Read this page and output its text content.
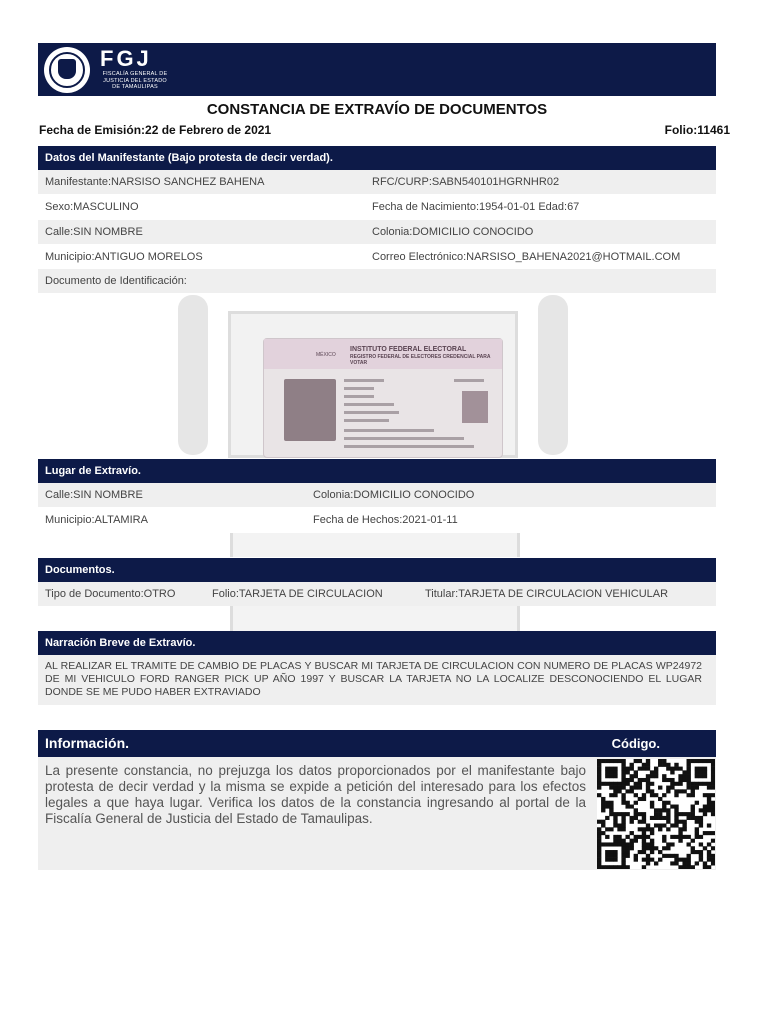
FGJ
FISCALÍA GENERAL DE JUSTICIA DEL ESTADO DE TAMAULIPAS
CONSTANCIA DE EXTRAVÍO DE DOCUMENTOS
Fecha de Emisión:22 de Febrero de 2021	Folio:11461
Datos del Manifestante (Bajo protesta de decir verdad).
Manifestante:NARSISO SANCHEZ BAHENA	RFC/CURP:SABN540101HGRNHR02
Sexo:MASCULINO	Fecha de Nacimiento:1954-01-01 Edad:67
Calle:SIN NOMBRE	Colonia:DOMICILIO CONOCIDO
Municipio:ANTIGUO MORELOS	Correo Electrónico:NARSISO_BAHENA2021@HOTMAIL.COM
Documento de Identificación:
INSTITUTO FEDERAL ELECTORAL
MÉXICO	REGISTRO FEDERAL DE ELECTORES CREDENCIAL PARA VOTAR
Lugar de Extravío.
Calle:SIN NOMBRE	Colonia:DOMICILIO CONOCIDO
Municipio:ALTAMIRA	Fecha de Hechos:2021-01-11
Documentos.
Tipo de Documento:OTRO	Folio:TARJETA DE CIRCULACION	Titular:TARJETA DE CIRCULACION VEHICULAR
Narración Breve de Extravío.
AL REALIZAR EL TRAMITE DE CAMBIO DE PLACAS Y BUSCAR MI TARJETA DE CIRCULACION CON NUMERO DE PLACAS WP24972 DE MI VEHICULO FORD RANGER PICK UP AÑO 1997 Y BUSCAR LA TARJETA NO LA LOCALIZE DESCONOCIENDO EL LUGAR DONDE SE ME PUDO HABER EXTRAVIADO
Información.	Código.
La presente constancia, no prejuzga los datos proporcionados por el manifestante bajo protesta de decir verdad y la misma se expide a petición del interesado para los efectos legales a que haya lugar. Verifica los datos de la constancia ingresando al portal de la Fiscalía General de Justicia del Estado de Tamaulipas.
